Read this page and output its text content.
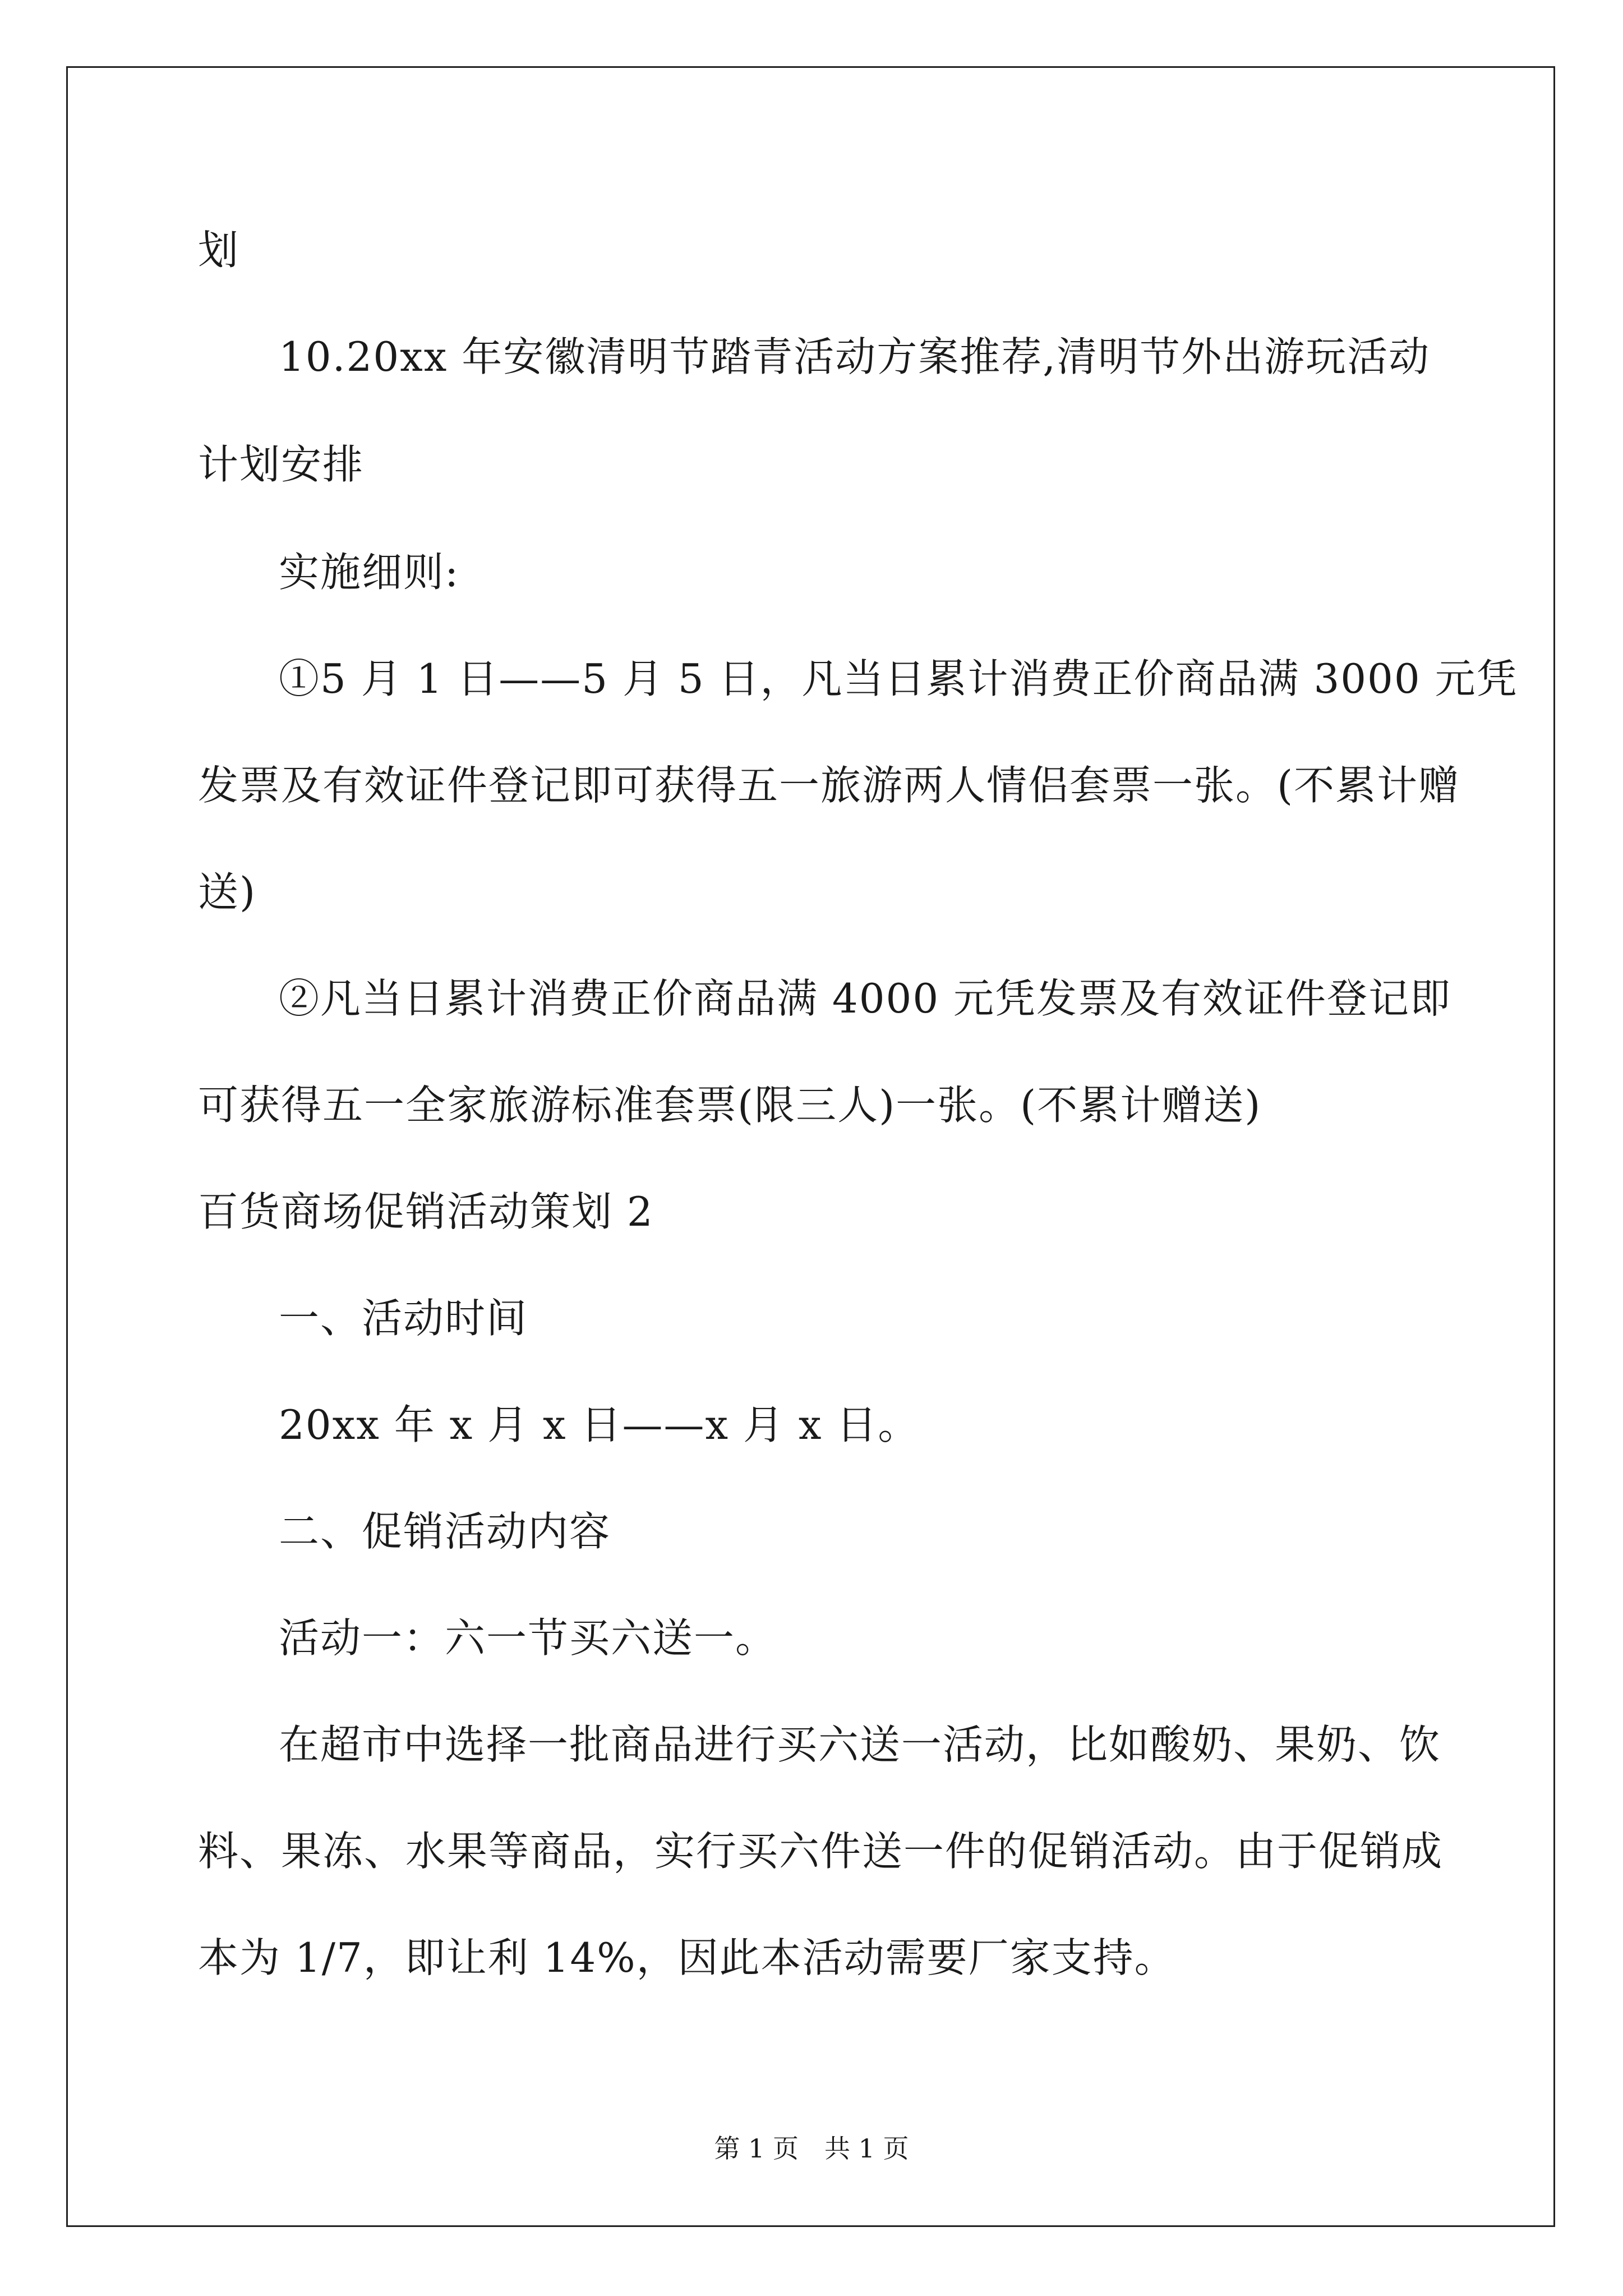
划
10.20xx 年安徽清明节踏青活动方案推荐,清明节外出游玩活动
计划安排
实施细则:
①5 月 1 日——5 月 5 日，凡当日累计消费正价商品满 3000 元凭
发票及有效证件登记即可获得五一旅游两人情侣套票一张。(不累计赠
送)
②凡当日累计消费正价商品满 4000 元凭发票及有效证件登记即
可获得五一全家旅游标准套票(限三人)一张。(不累计赠送)
百货商场促销活动策划 2
一、活动时间
20xx 年 x 月 x 日——x 月 x 日。
二、促销活动内容
活动一：六一节买六送一。
在超市中选择一批商品进行买六送一活动，比如酸奶、果奶、饮
料、果冻、水果等商品，实行买六件送一件的促销活动。由于促销成
本为 1/7，即让利 14%，因此本活动需要厂家支持。
第 1 页　共 1 页
